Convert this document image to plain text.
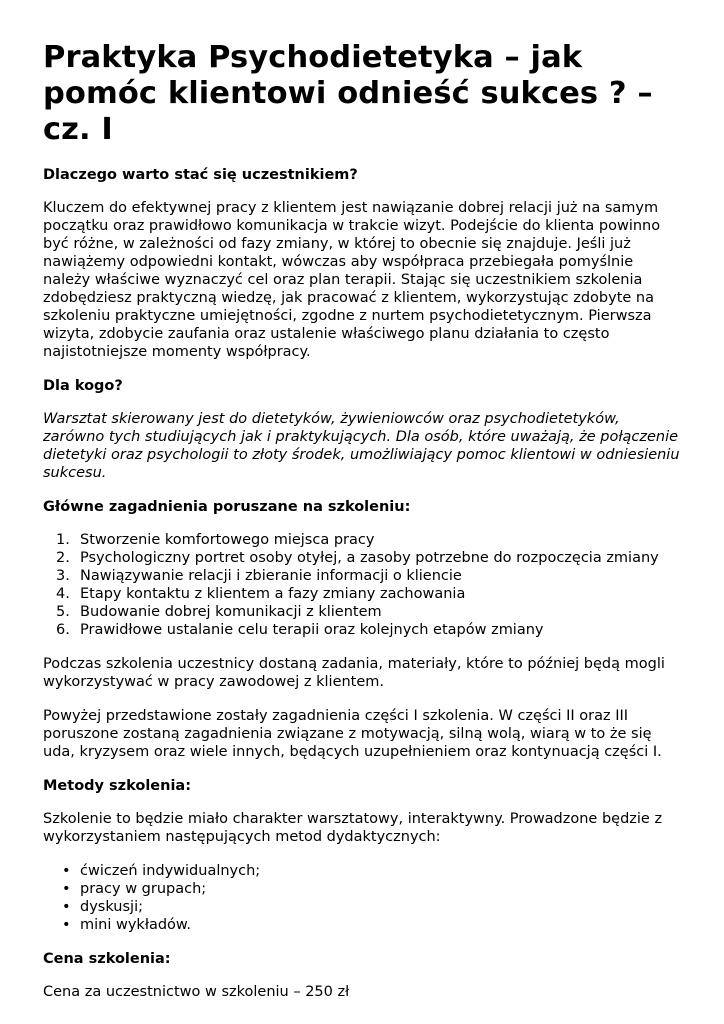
Praktyka Psychodietetyka – jak pomóc klientowi odnieść sukces ? – cz. I
Dlaczego warto stać się uczestnikiem?

Kluczem do efektywnej pracy z klientem jest nawiązanie dobrej relacji już na samym początku oraz prawidłowo komunikacja w trakcie wizyt. Podejście do klienta powinno być różne, w zależności od fazy zmiany, w której to obecnie się znajduje. Jeśli już nawiążemy odpowiedni kontakt, wówczas aby współpraca przebiegała pomyślnie należy właściwe wyznaczyć cel oraz plan terapii. Stając się uczestnikiem szkolenia zdobędziesz praktyczną wiedzę, jak pracować z klientem, wykorzystując zdobyte na szkoleniu praktyczne umiejętności, zgodne z nurtem psychodietetycznym. Pierwsza wizyta, zdobycie zaufania oraz ustalenie właściwego planu działania to często najistotniejsze momenty współpracy.

Dla kogo?

Warsztat skierowany jest do dietetyków, żywieniowców oraz psychodietetyków, zarówno tych studiujących jak i praktykujących. Dla osób, które uważają, że połączenie dietetyki oraz psychologii to złoty środek, umożliwiający pomoc klientowi w odniesieniu sukcesu.

Główne zagadnienia poruszane na szkoleniu:
1. Stworzenie komfortowego miejsca pracy
2. Psychologiczny portret osoby otyłej, a zasoby potrzebne do rozpoczęcia zmiany
3. Nawiązywanie relacji i zbieranie informacji o kliencie
4. Etapy kontaktu z klientem a fazy zmiany zachowania
5. Budowanie dobrej komunikacji z klientem
6. Prawidłowe ustalanie celu terapii oraz kolejnych etapów zmiany

Podczas szkolenia uczestnicy dostaną zadania, materiały, które to później będą mogli wykorzystywać w pracy zawodowej z klientem.

Powyżej przedstawione zostały zagadnienia części I szkolenia. W części II oraz III poruszone zostaną zagadnienia związane z motywacją, silną wolą, wiarą w to że się uda, kryzysem oraz wiele innych, będących uzupełnieniem oraz kontynuacją części I.

Metody szkolenia:

Szkolenie to będzie miało charakter warsztatowy, interaktywny. Prowadzone będzie z wykorzystaniem następujących metod dydaktycznych:

• ćwiczeń indywidualnych;
• pracy w grupach;
• dyskusji;
• mini wykładów.
Cena szkolenia:

Cena za uczestnictwo w szkoleniu – 250 zł
